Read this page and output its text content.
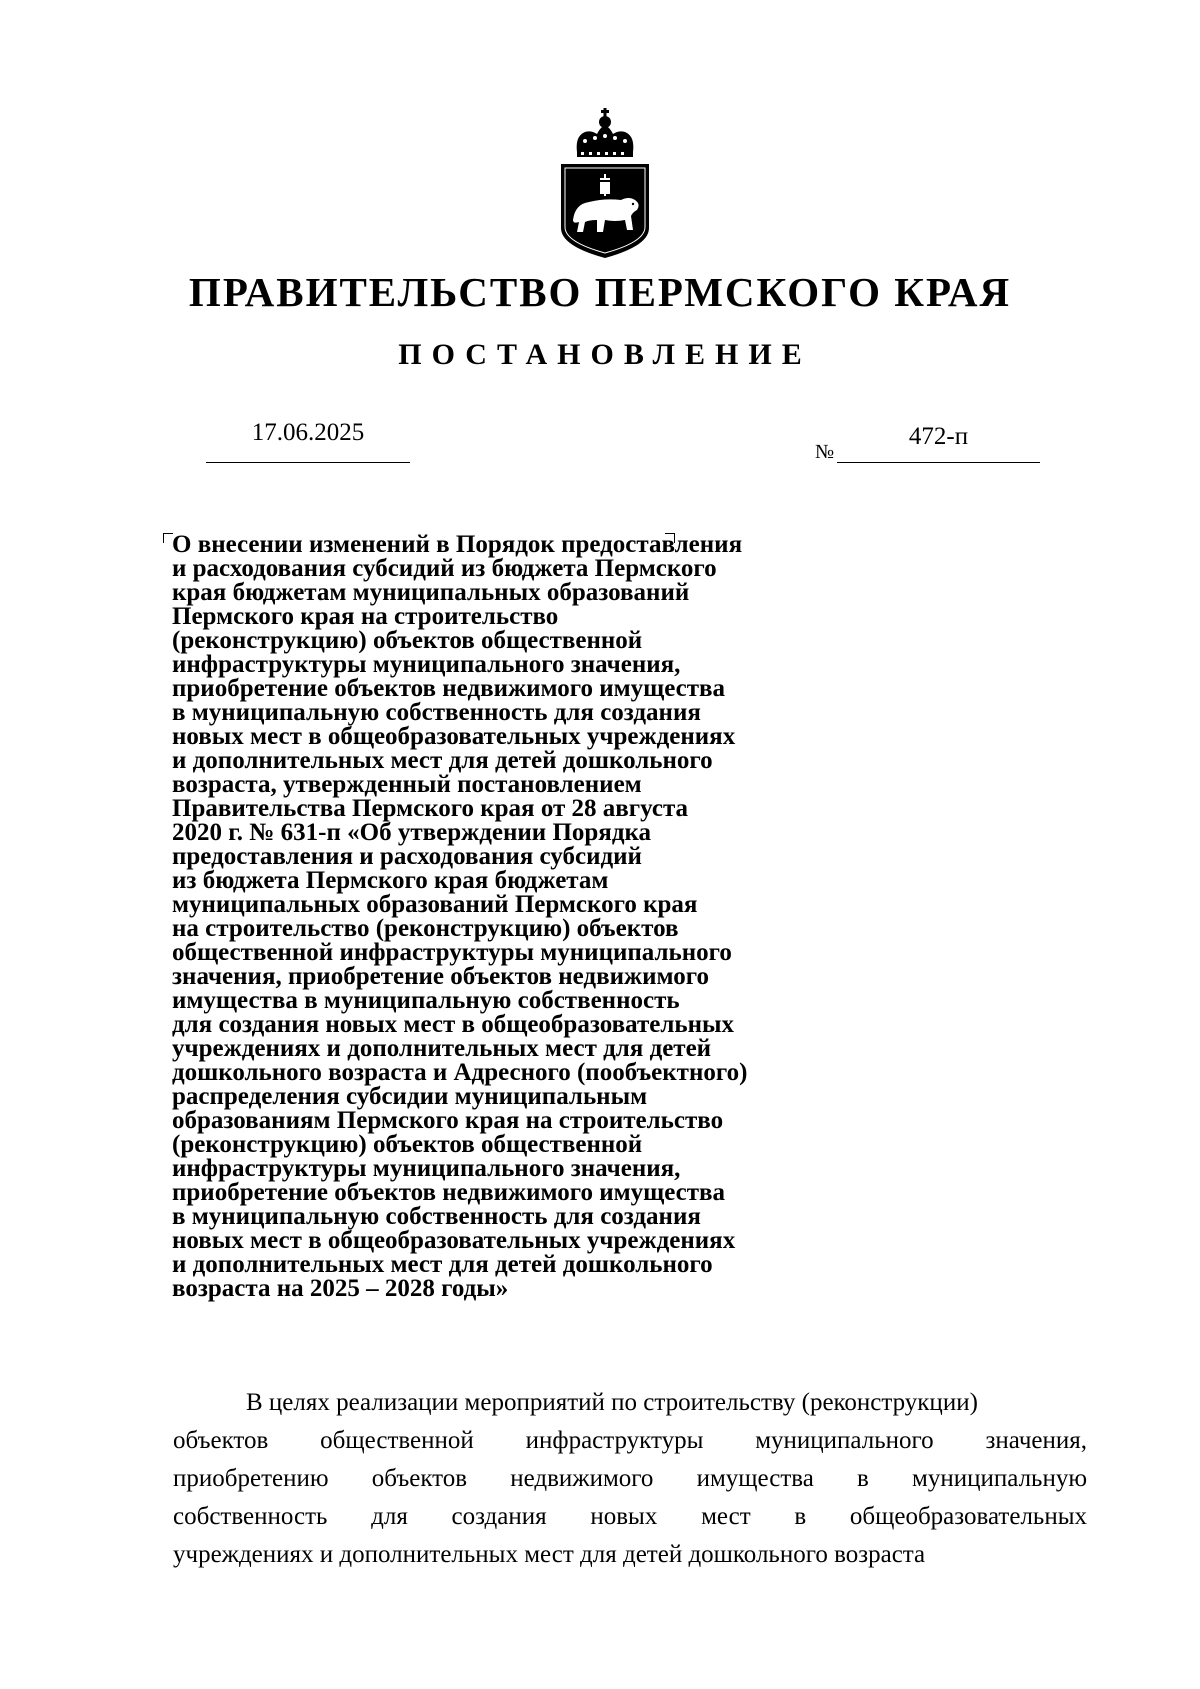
ПРАВИТЕЛЬСТВО ПЕРМСКОГО КРАЯ
ПОСТАНОВЛЕНИЕ
17.06.2025
№
472-п
О внесении изменений в Порядок предоставления
и расходования субсидий из бюджета Пермского
края бюджетам муниципальных образований
Пермского края на строительство
(реконструкцию) объектов общественной
инфраструктуры муниципального значения,
приобретение объектов недвижимого имущества
в муниципальную собственность для создания
новых мест в общеобразовательных учреждениях
и дополнительных мест для детей дошкольного
возраста, утвержденный постановлением
Правительства Пермского края от 28 августа
2020 г. № 631-п «Об утверждении Порядка
предоставления и расходования субсидий
из бюджета Пермского края бюджетам
муниципальных образований Пермского края
на строительство (реконструкцию) объектов
общественной инфраструктуры муниципального
значения, приобретение объектов недвижимого
имущества в муниципальную собственность
для создания новых мест в общеобразовательных
учреждениях и дополнительных мест для детей
дошкольного возраста и Адресного (пообъектного)
распределения субсидии муниципальным
образованиям Пермского края на строительство
(реконструкцию) объектов общественной
инфраструктуры муниципального значения,
приобретение объектов недвижимого имущества
в муниципальную собственность для создания
новых мест в общеобразовательных учреждениях
и дополнительных мест для детей дошкольного
возраста на 2025 – 2028 годы»
В целях реализации мероприятий по строительству (реконструкции)
объектов общественной инфраструктуры муниципального значения,
приобретению объектов недвижимого имущества в муниципальную
собственность для создания новых мест в общеобразовательных
учреждениях и дополнительных мест для детей дошкольного возраста
